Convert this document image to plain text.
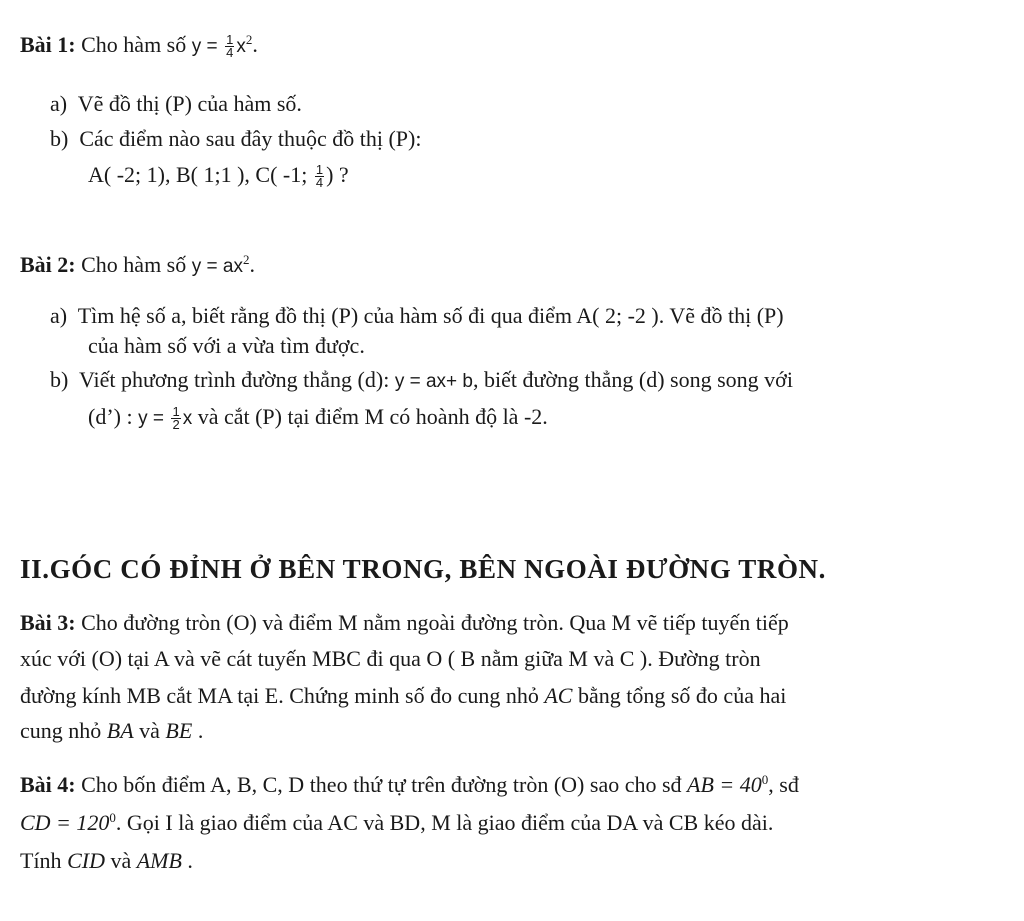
Bài 1: Cho hàm số $y = \frac{1}{4} x^2$.
a) Vẽ đồ thị (P) của hàm số.
b) Các điểm nào sau đây thuộc đồ thị (P):
A( -2; 1), B( 1;1 ), C( -1; $\frac{1}{4}$ ) ?
Bài 2: Cho hàm số $y = ax^2$.
a) Tìm hệ số a, biết rằng đồ thị (P) của hàm số đi qua điểm A( 2; -2 ). Vẽ đồ thị (P)
của hàm số với a vừa tìm được.
b) Viết phương trình đường thẳng (d): y = ax+ b, biết đường thẳng (d) song song với
(d’) : $y = \frac{1}{2}$ x và cắt (P) tại điểm M có hoành độ là -2.
II.GÓC CÓ ĐỈNH Ở BÊN TRONG, BÊN NGOÀI ĐƯỜNG TRÒN.
Bài 3: Cho đường tròn (O) và điểm M nằm ngoài đường tròn. Qua M vẽ tiếp tuyến tiếp
xúc với (O) tại A và vẽ cát tuyến MBC đi qua O ( B nằm giữa M và C ). Đường tròn
đường kính MB cắt MA tại E. Chứng minh số đo cung nhỏ AC bằng tổng số đo của hai
cung nhỏ BA và BE .
Bài 4: Cho bốn điểm A, B, C, D theo thứ tự trên đường tròn (O) sao cho sđ AB = $40^0$, sđ
CD = $120^0$. Gọi I là giao điểm của AC và BD, M là giao điểm của DA và CB kéo dài.
Tính CID và AMB .
